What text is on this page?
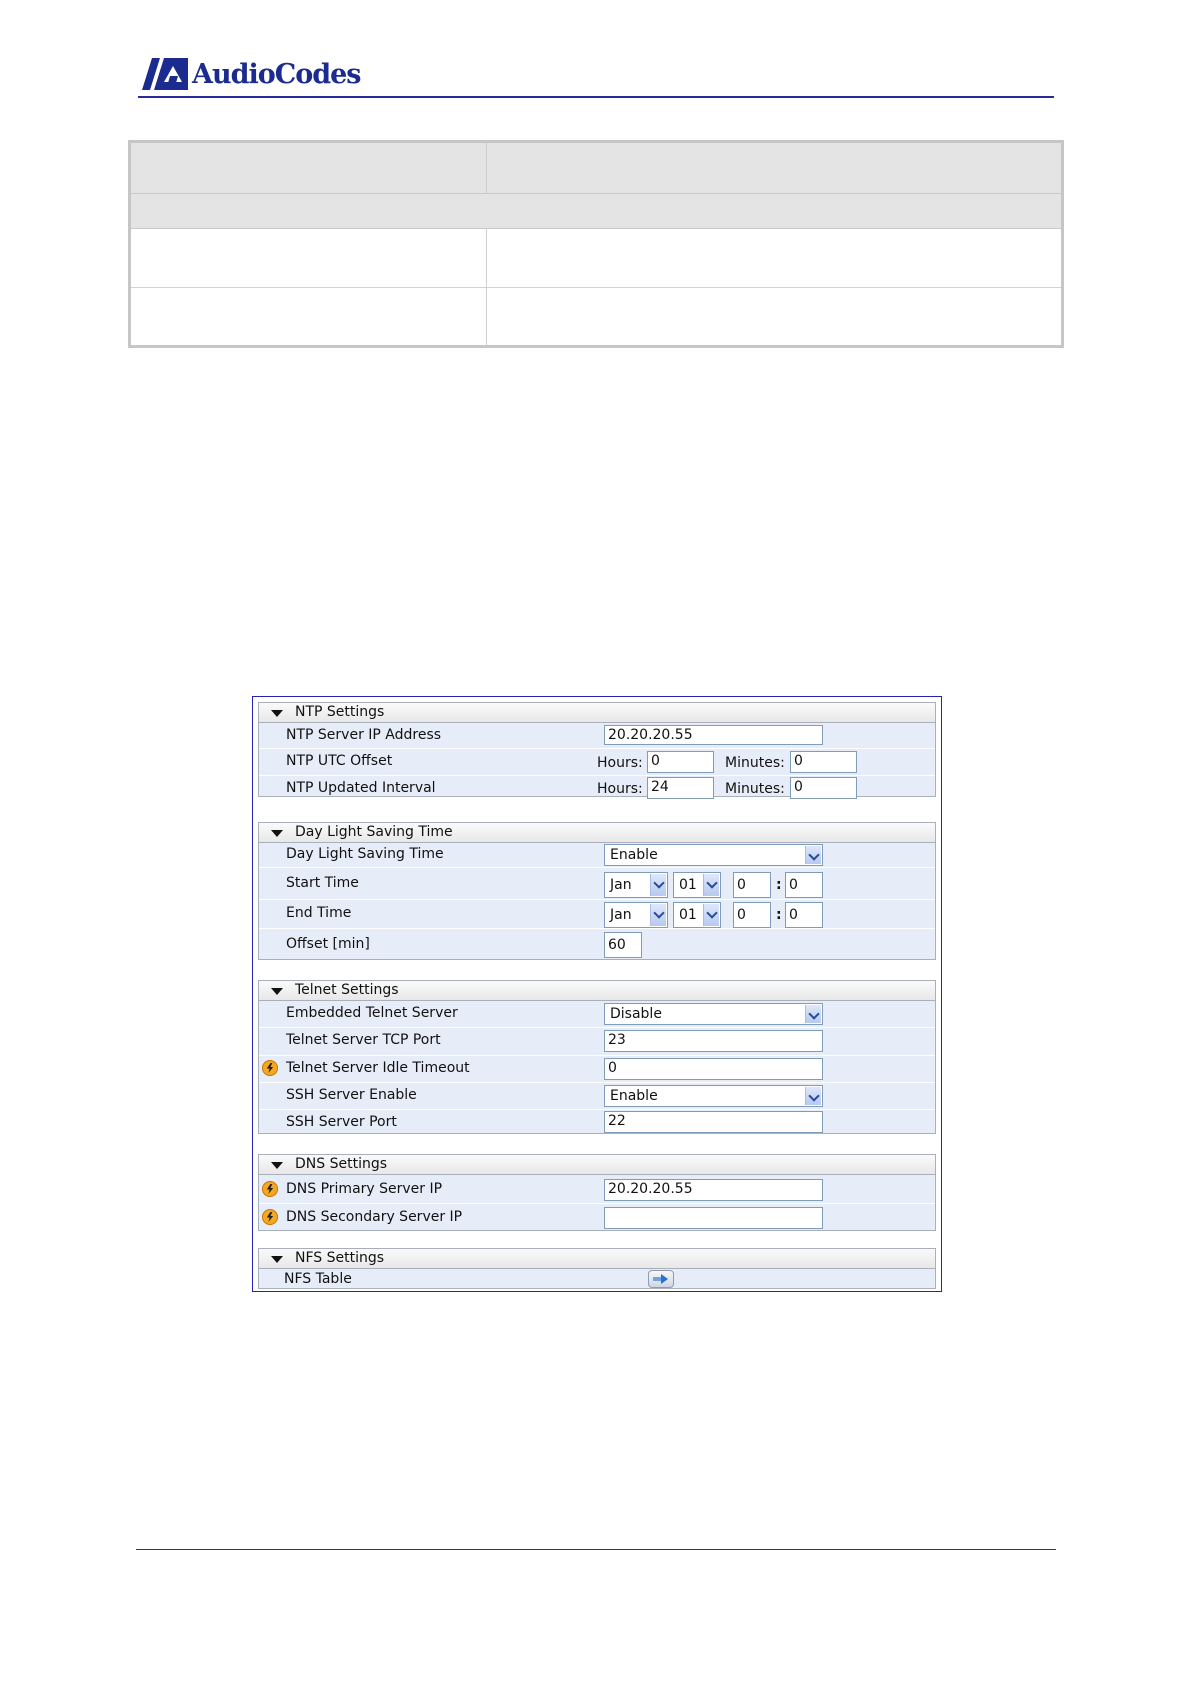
AudioCodes
NTP Settings
NTP Server IP Address	20.20.20.55
NTP UTC Offset	Hours: 0	Minutes: 0
NTP Updated Interval	Hours: 24	Minutes: 0
Day Light Saving Time
Day Light Saving Time	Enable
Start Time	Jan	01	0	: 0
End Time	Jan	01	0	: 0
Offset [min]	60
Telnet Settings
Embedded Telnet Server	Disable
Telnet Server TCP Port	23
Telnet Server Idle Timeout	0
SSH Server Enable	Enable
SSH Server Port	22
DNS Settings
DNS Primary Server IP	20.20.20.55
DNS Secondary Server IP
NFS Settings
NFS Table
